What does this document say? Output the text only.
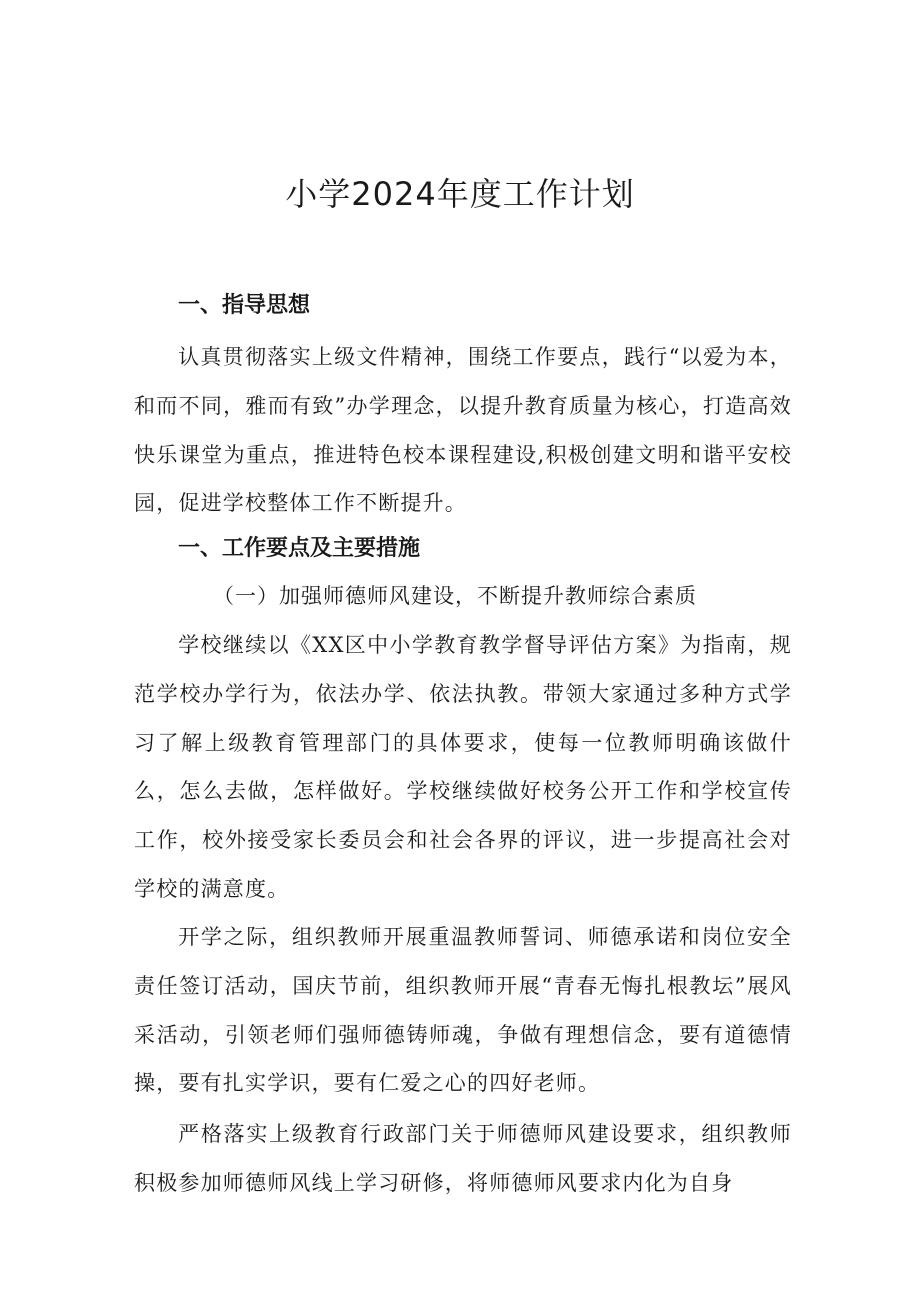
小学2024年度工作计划
一、指导思想

认真贯彻落实上级文件精神，围绕工作要点，践行“以爱为本，和而不同，雅而有致”办学理念，以提升教育质量为核心，打造高效快乐课堂为重点，推进特色校本课程建设,积极创建文明和谐平安校园，促进学校整体工作不断提升。

一、工作要点及主要措施

（一）加强师德师风建设，不断提升教师综合素质

学校继续以《XX区中小学教育教学督导评估方案》为指南，规范学校办学行为，依法办学、依法执教。带领大家通过多种方式学习了解上级教育管理部门的具体要求，使每一位教师明确该做什么，怎么去做，怎样做好。学校继续做好校务公开工作和学校宣传工作，校外接受家长委员会和社会各界的评议，进一步提高社会对学校的满意度。

开学之际，组织教师开展重温教师誓词、师德承诺和岗位安全责任签订活动，国庆节前，组织教师开展“青春无悔扎根教坛”展风采活动，引领老师们强师德铸师魂，争做有理想信念，要有道德情操，要有扎实学识，要有仁爱之心的四好老师。

严格落实上级教育行政部门关于师德师风建设要求，组织教师积极参加师德师风线上学习研修，将师德师风要求内化为自身
